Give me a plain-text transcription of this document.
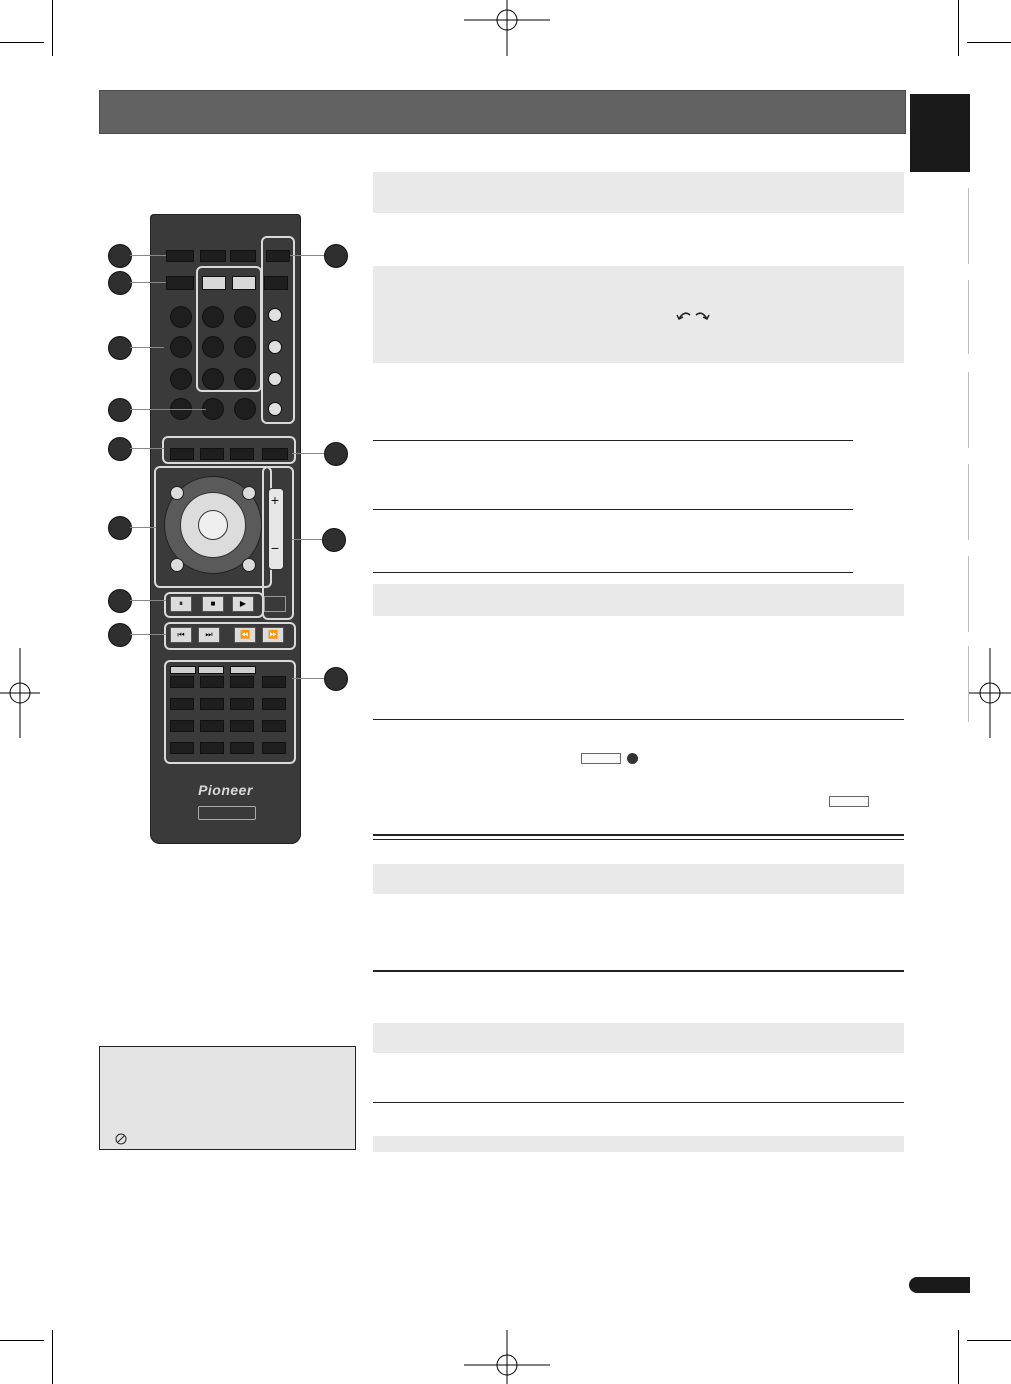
+
−
⏸	■	▶
⏮	⏭	⏪	⏩
Pioneer
